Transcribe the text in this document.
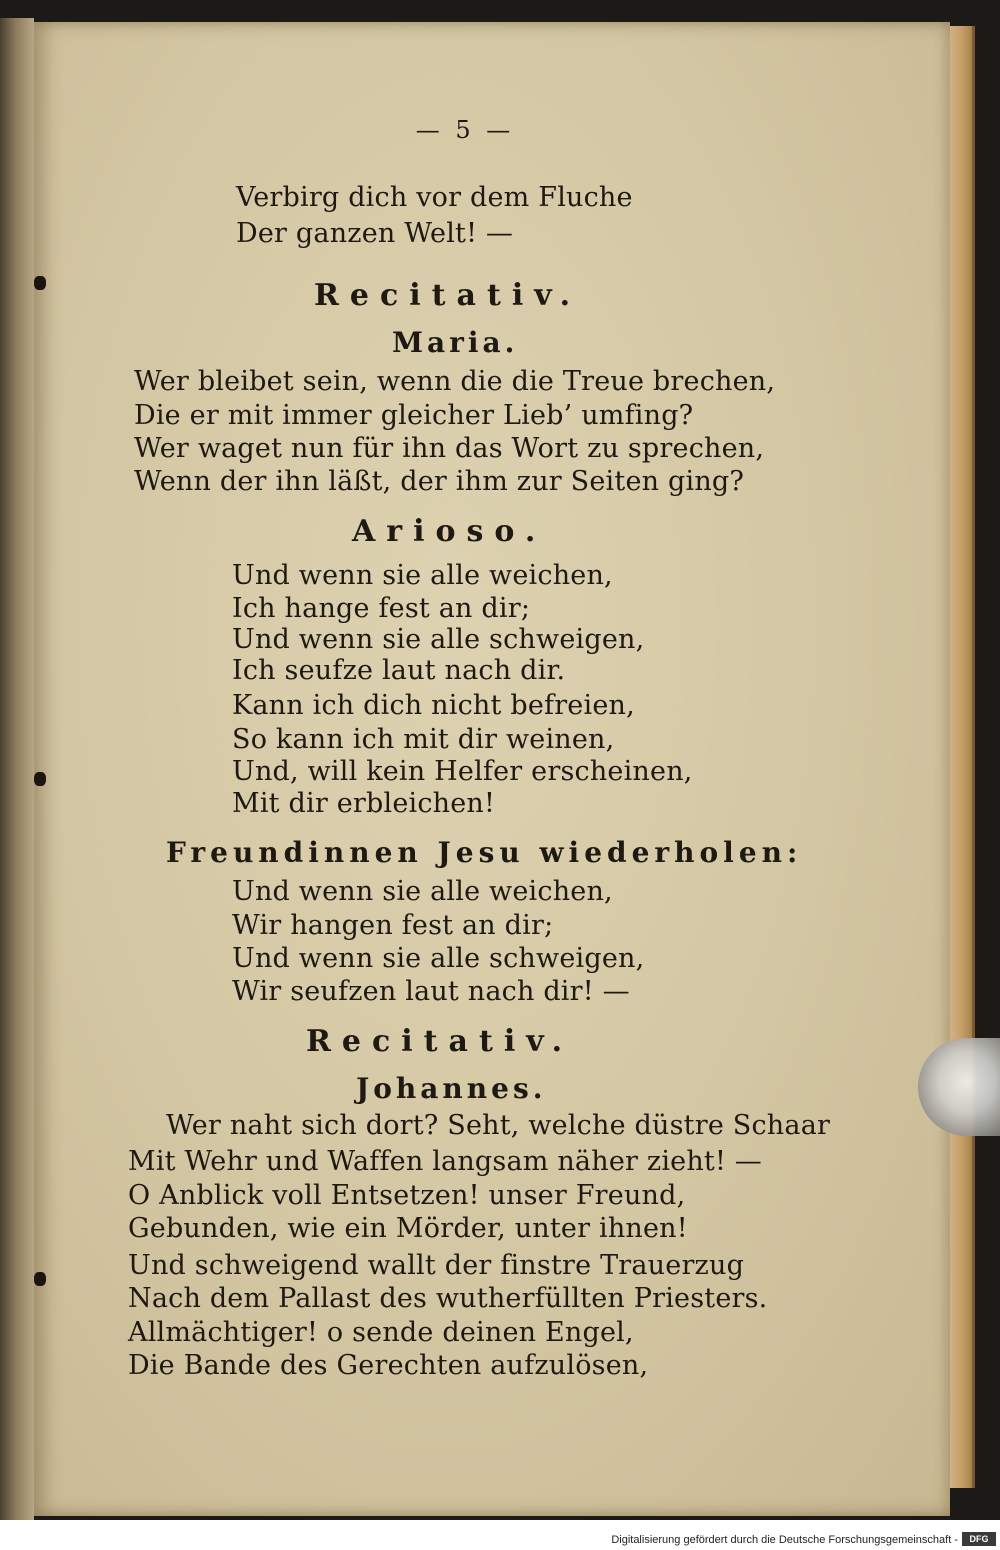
— 5 —
Verbirg dich vor dem Fluche
Der ganzen Welt! —
Recitativ.
Maria.
Wer bleibet sein, wenn die die Treue brechen,
Die er mit immer gleicher Lieb’ umfing?
Wer waget nun für ihn das Wort zu sprechen,
Wenn der ihn läßt, der ihm zur Seiten ging?
Arioso.
Und wenn sie alle weichen,
Ich hange fest an dir;
Und wenn sie alle schweigen,
Ich seufze laut nach dir.
Kann ich dich nicht befreien,
So kann ich mit dir weinen,
Und, will kein Helfer erscheinen,
Mit dir erbleichen!
Freundinnen Jesu wiederholen:
Und wenn sie alle weichen,
Wir hangen fest an dir;
Und wenn sie alle schweigen,
Wir seufzen laut nach dir! —
Recitativ.
Johannes.
Wer naht sich dort? Seht, welche düstre Schaar
Mit Wehr und Waffen langsam näher zieht! —
O Anblick voll Entsetzen! unser Freund,
Gebunden, wie ein Mörder, unter ihnen!
Und schweigend wallt der finstre Trauerzug
Nach dem Pallast des wutherfüllten Priesters.
Allmächtiger! o sende deinen Engel,
Die Bande des Gerechten aufzulösen,
Digitalisierung gefördert durch die Deutsche Forschungsgemeinschaft -	DFG
